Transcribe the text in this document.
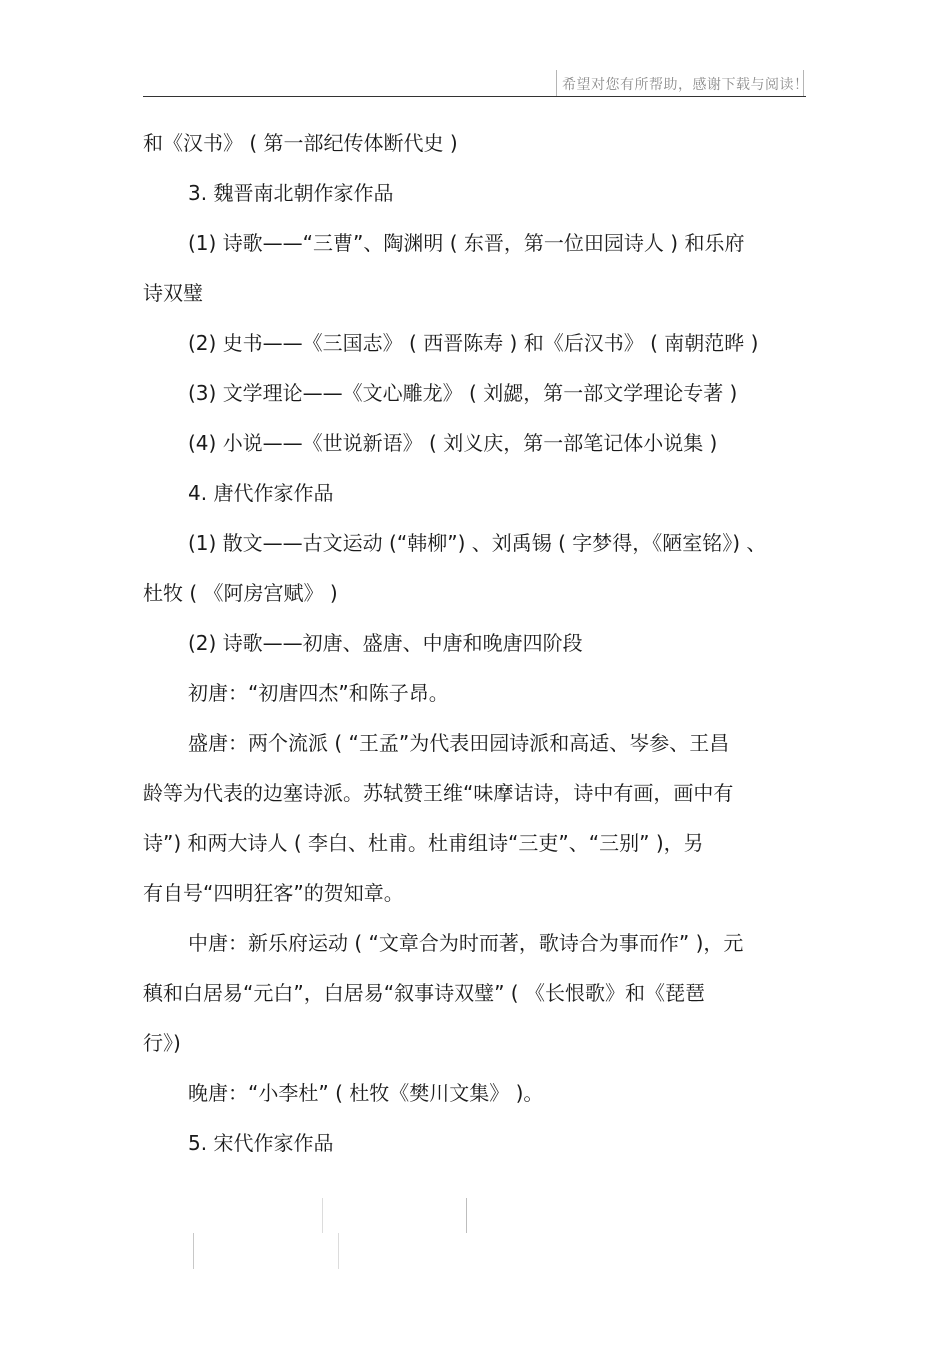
希望对您有所帮助，感谢下载与阅读！
和《汉书》 ( 第一部纪传体断代史 )
3. 魏晋南北朝作家作品
(1) 诗歌——“三曹”、陶渊明 ( 东晋，第一位田园诗人 ) 和乐府
诗双璧
(2) 史书——《三国志》 ( 西晋陈寿 ) 和《后汉书》 ( 南朝范晔 )
(3) 文学理论——《文心雕龙》 ( 刘勰，第一部文学理论专著 )
(4) 小说——《世说新语》 ( 刘义庆，第一部笔记体小说集 )
4. 唐代作家作品
(1) 散文——古文运动 (“韩柳”) 、刘禹锡 ( 字梦得，《陋室铭》) 、
杜牧 ( 《阿房宫赋》 )
(2) 诗歌——初唐、盛唐、中唐和晚唐四阶段
初唐：“初唐四杰”和陈子昂。
盛唐：两个流派 ( “王孟”为代表田园诗派和高适、岑参、王昌
龄等为代表的边塞诗派。苏轼赞王维“味摩诘诗，诗中有画，画中有
诗”) 和两大诗人 ( 李白、杜甫。杜甫组诗“三吏”、“三别” )，另
有自号“四明狂客”的贺知章。
中唐：新乐府运动 ( “文章合为时而著，歌诗合为事而作” )，元
稹和白居易“元白”，白居易“叙事诗双璧” ( 《长恨歌》和《琵琶
行》)
晚唐：“小李杜” ( 杜牧《樊川文集》 )。
5. 宋代作家作品
